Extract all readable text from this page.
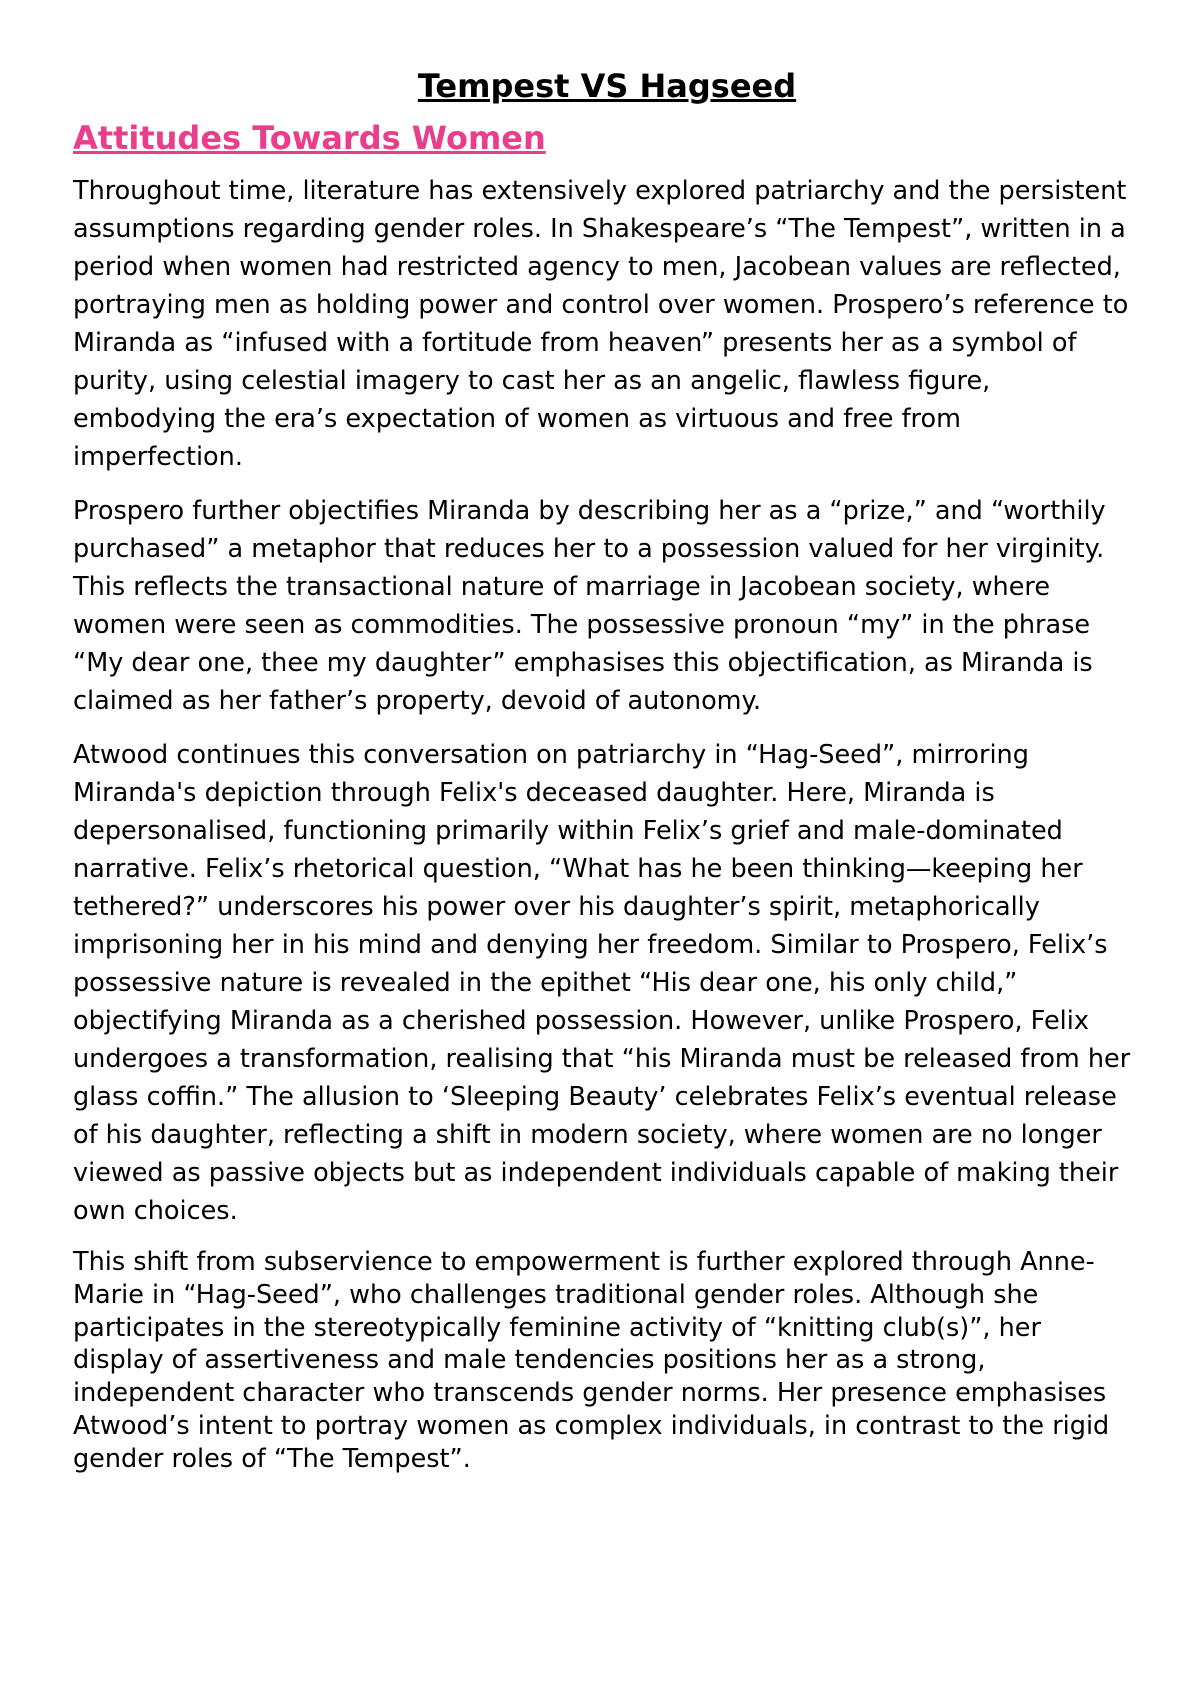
Tempest VS Hagseed
Attitudes Towards Women

Throughout time, literature has extensively explored patriarchy and the persistent assumptions regarding gender roles. In Shakespeare’s “The Tempest”, written in a period when women had restricted agency to men, Jacobean values are reflected, portraying men as holding power and control over women. Prospero’s reference to Miranda as “infused with a fortitude from heaven” presents her as a symbol of purity, using celestial imagery to cast her as an angelic, flawless figure, embodying the era’s expectation of women as virtuous and free from imperfection.

Prospero further objectifies Miranda by describing her as a “prize,” and “worthily purchased” a metaphor that reduces her to a possession valued for her virginity. This reflects the transactional nature of marriage in Jacobean society, where women were seen as commodities. The possessive pronoun “my” in the phrase “My dear one, thee my daughter” emphasises this objectification, as Miranda is claimed as her father’s property, devoid of autonomy.

Atwood continues this conversation on patriarchy in “Hag-Seed”, mirroring Miranda's depiction through Felix's deceased daughter. Here, Miranda is depersonalised, functioning primarily within Felix’s grief and male-dominated narrative. Felix’s rhetorical question, “What has he been thinking—keeping her tethered?” underscores his power over his daughter’s spirit, metaphorically imprisoning her in his mind and denying her freedom. Similar to Prospero, Felix’s possessive nature is revealed in the epithet “His dear one, his only child,” objectifying Miranda as a cherished possession. However, unlike Prospero, Felix undergoes a transformation, realising that “his Miranda must be released from her glass coffin.” The allusion to ‘Sleeping Beauty’ celebrates Felix’s eventual release of his daughter, reflecting a shift in modern society, where women are no longer viewed as passive objects but as independent individuals capable of making their own choices.

This shift from subservience to empowerment is further explored through Anne-Marie in “Hag-Seed”, who challenges traditional gender roles. Although she participates in the stereotypically feminine activity of “knitting club(s)”, her display of assertiveness and male tendencies positions her as a strong, independent character who transcends gender norms. Her presence emphasises Atwood’s intent to portray women as complex individuals, in contrast to the rigid gender roles of “The Tempest”.
